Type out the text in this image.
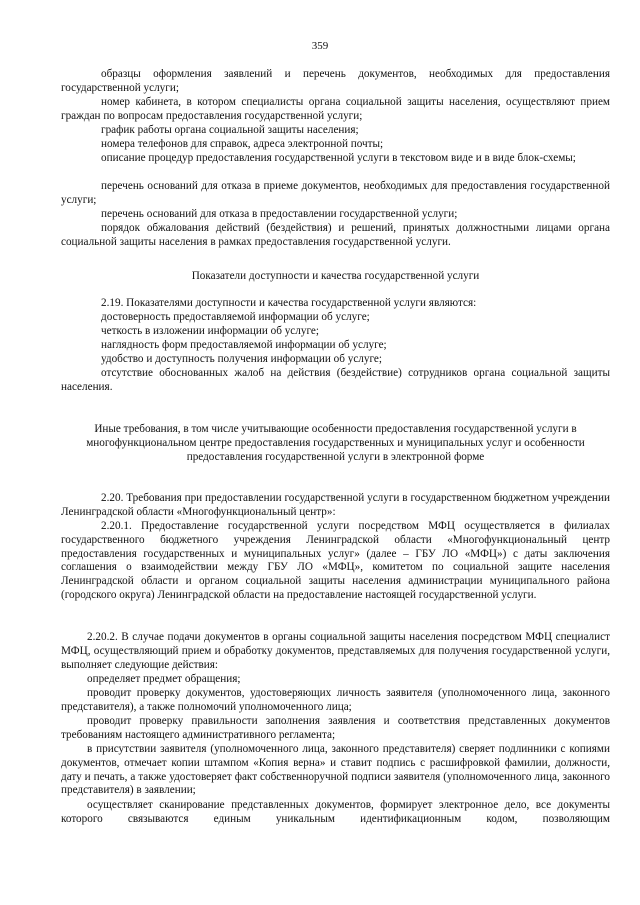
359

образцы оформления заявлений и перечень документов, необходимых для предоставления государственной услуги;

номер кабинета, в котором специалисты органа социальной защиты населения, осуществляют прием граждан по вопросам предоставления государственной услуги;

график работы органа социальной защиты населения;

номера телефонов для справок, адреса электронной почты;

описание процедур предоставления государственной услуги в текстовом виде и в виде блок-схемы;

перечень оснований для отказа в приеме документов, необходимых для предоставления государственной услуги;

перечень оснований для отказа в предоставлении государственной услуги;

порядок обжалования действий (бездействия) и решений, принятых должностными лицами органа социальной защиты населения в рамках предоставления государственной услуги.

Показатели доступности и качества государственной услуги

2.19. Показателями доступности и качества государственной услуги являются:

достоверность предоставляемой информации об услуге;

четкость в изложении информации об услуге;

наглядность форм предоставляемой информации об услуге;

удобство и доступность получения информации об услуге;

отсутствие обоснованных жалоб на действия (бездействие) сотрудников органа социальной защиты населения.

Иные требования, в том числе учитывающие особенности предоставления государственной услуги в многофункциональном центре предоставления государственных и муниципальных услуг и особенности предоставления государственной услуги в электронной форме

2.20. Требования при предоставлении государственной услуги в государственном бюджетном учреждении Ленинградской области «Многофункциональный центр»:

2.20.1. Предоставление государственной услуги посредством МФЦ осуществляется в филиалах государственного бюджетного учреждения Ленинградской области «Многофункциональный центр предоставления государственных и муниципальных услуг» (далее – ГБУ ЛО «МФЦ») с даты заключения соглашения о взаимодействии между ГБУ ЛО «МФЦ», комитетом по социальной защите населения Ленинградской области и органом социальной защиты населения администрации муниципального района (городского округа) Ленинградской области на предоставление настоящей государственной услуги.

2.20.2. В случае подачи документов в органы социальной защиты населения посредством МФЦ специалист МФЦ, осуществляющий прием и обработку документов, представляемых для получения государственной услуги, выполняет следующие действия:

определяет предмет обращения;

проводит проверку документов, удостоверяющих личность заявителя (уполномоченного лица, законного представителя), а также полномочий уполномоченного лица;

проводит проверку правильности заполнения заявления и соответствия представленных документов требованиям настоящего административного регламента;

в присутствии заявителя (уполномоченного лица, законного представителя) сверяет подлинники с копиями документов, отмечает копии штампом «Копия верна» и ставит подпись с расшифровкой фамилии, должности, дату и печать, а также удостоверяет факт собственноручной подписи заявителя (уполномоченного лица, законного представителя) в заявлении;

осуществляет сканирование представленных документов, формирует электронное дело, все документы которого связываются единым уникальным идентификационным кодом, позволяющим
